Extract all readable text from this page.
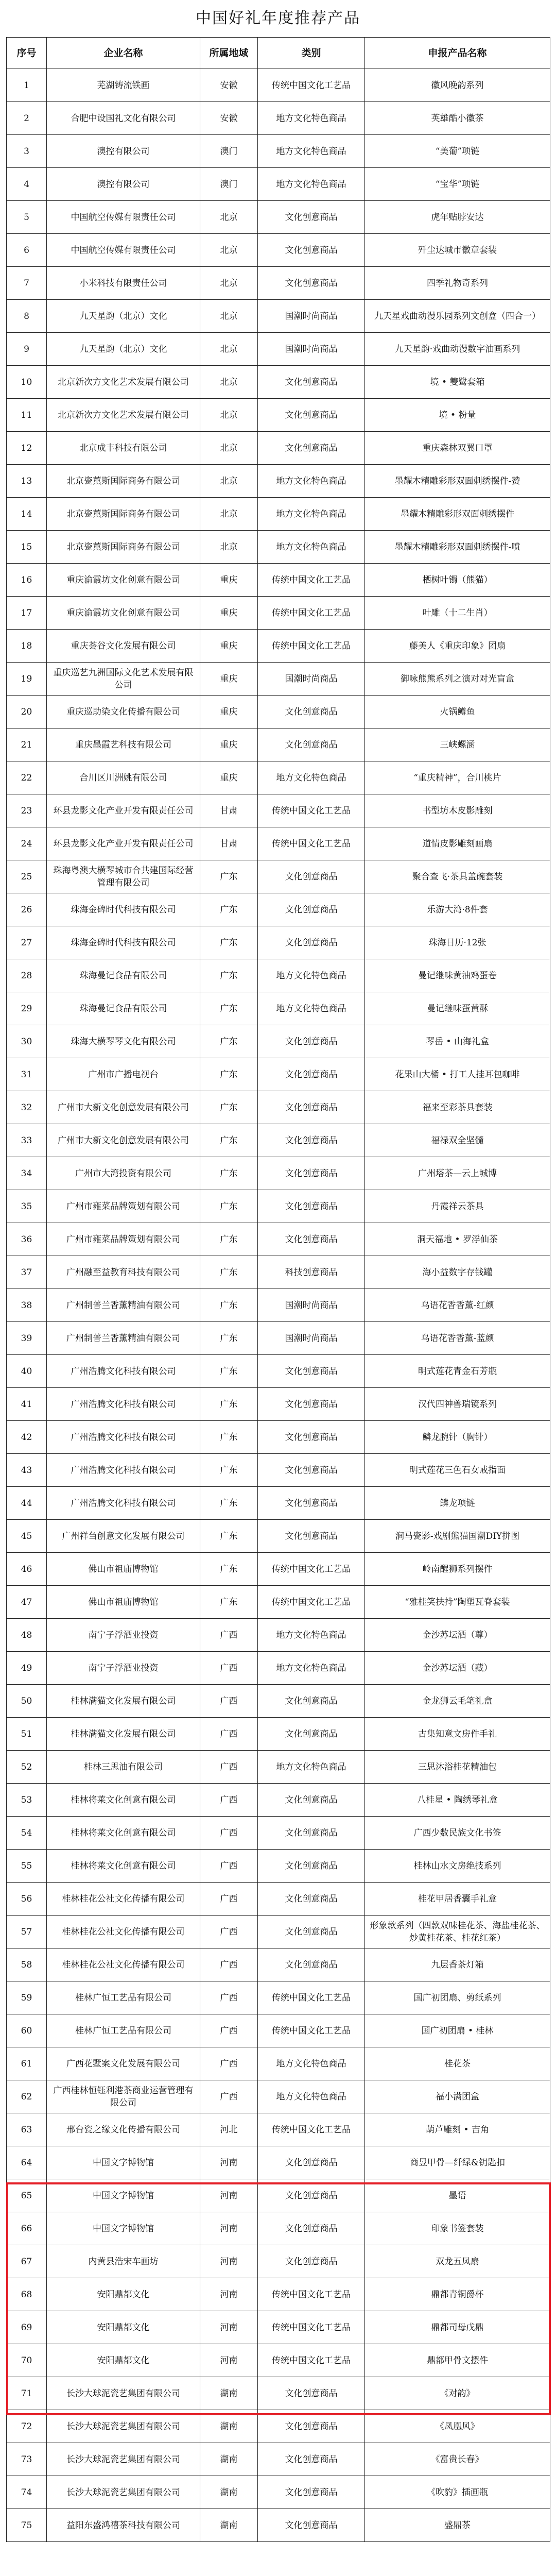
中国好礼年度推荐产品
序号	企业名称	所属地域	类别	申报产品名称
1	芜湖铸流铁画	安徽	传统中国文化工艺品	徽风晚韵系列
2	合肥中设国礼文化有限公司	安徽	地方文化特色商品	英雄酷小徽茶
3	澳控有限公司	澳门	地方文化特色商品	“美葡”项链
4	澳控有限公司	澳门	地方文化特色商品	“宝华”项链
5	中国航空传媒有限责任公司	北京	文化创意商品	虎年贴脖安达
6	中国航空传媒有限责任公司	北京	文化创意商品	歼尘达城市徽章套装
7	小米科技有限责任公司	北京	文化创意商品	四季礼物奇系列
8	九天星韵（北京）文化	北京	国潮时尚商品	九天星戏曲动漫乐园系列文创盒（四合一）
9	九天星韵（北京）文化	北京	国潮时尚商品	九天星韵·戏曲动漫数字油画系列
10	北京新次方文化艺术发展有限公司	北京	文化创意商品	境 • 雙鹭套箱
11	北京新次方文化艺术发展有限公司	北京	文化创意商品	境 • 粉量
12	北京成丰科技有限公司	北京	文化创意商品	重庆森林双翼口罩
13	北京瓷薰斯国际商务有限公司	北京	地方文化特色商品	墨耀木精雕彩形双面刺绣摆件-赞
14	北京瓷薰斯国际商务有限公司	北京	地方文化特色商品	墨耀木精雕彩形双面刺绣摆件
15	北京瓷薰斯国际商务有限公司	北京	地方文化特色商品	墨耀木精雕彩形双面刺绣摆件-喷
16	重庆渝霞坊文化创意有限公司	重庆	传统中国文化工艺品	栖树叶镯（熊猫）
17	重庆渝霞坊文化创意有限公司	重庆	传统中国文化工艺品	叶雕（十二生肖）
18	重庆荟谷文化发展有限公司	重庆	传统中国文化工艺品	藤美人《重庆印象》团扇
19	重庆巡艺九洲国际文化艺术发展有限公司	重庆	国潮时尚商品	御咏熊熊系列之演对对光盲盒
20	重庆巡助染文化传播有限公司	重庆	文化创意商品	火锅鳟鱼
21	重庆墨霞艺科技有限公司	重庆	文化创意商品	三峡螺涵
22	合川区川洲姚有限公司	重庆	地方文化特色商品	“重庆精神”，合川桃片
23	环县龙影文化产业开发有限责任公司	甘肃	传统中国文化工艺品	书型坊木皮影雕刻
24	环县龙影文化产业开发有限责任公司	甘肃	传统中国文化工艺品	道情皮影雕刻画扇
25	珠海粤澳大横琴城市合共建国际经营管理有限公司	广东	文化创意商品	聚合查飞·茶具盖碗套装
26	珠海金碑时代科技有限公司	广东	文化创意商品	乐游大湾·8件套
27	珠海金碑时代科技有限公司	广东	文化创意商品	珠海日历·12张
28	珠海曼记食品有限公司	广东	地方文化特色商品	曼记继味黄油鸡蛋卷
29	珠海曼记食品有限公司	广东	地方文化特色商品	曼记继味蛋黄酥
30	珠海大横琴琴文化有限公司	广东	文化创意商品	琴岳 • 山海礼盒
31	广州市广播电视台	广东	文化创意商品	花果山大桶 • 打工人挂耳包咖啡
32	广州市大新文化创意发展有限公司	广东	文化创意商品	福来至彩茶具套装
33	广州市大新文化创意发展有限公司	广东	文化创意商品	福禄双全坚髓
34	广州市大湾投资有限公司	广东	文化创意商品	广州塔茶—云上城博
35	广州市雍菜品牌策划有限公司	广东	文化创意商品	丹霞祥云茶具
36	广州市雍菜品牌策划有限公司	广东	文化创意商品	洞天福地 • 罗浮仙茶
37	广州融至益教育科技有限公司	广东	科技创意商品	海小益数字存钱罐
38	广州制普兰香薰精油有限公司	广东	国潮时尚商品	乌语花香香薰-红颜
39	广州制普兰香薰精油有限公司	广东	国潮时尚商品	乌语花香香薰-蓝颜
40	广州浩腾文化科技有限公司	广东	文化创意商品	明式莲花青金石芳瓶
41	广州浩腾文化科技有限公司	广东	文化创意商品	汉代四神兽瑞镜系列
42	广州浩腾文化科技有限公司	广东	文化创意商品	鳞龙腕针（胸针）
43	广州浩腾文化科技有限公司	广东	文化创意商品	明式莲花三色石女戒指面
44	广州浩腾文化科技有限公司	广东	文化创意商品	鳞龙项链
45	广州祥刍创意文化发展有限公司	广东	文化创意商品	涧马瓷影-戏剧熊猫国潮DIY拼图
46	佛山市祖庙博物馆	广东	传统中国文化工艺品	岭南醒狮系列摆件
47	佛山市祖庙博物馆	广东	传统中国文化工艺品	“雅桂笑扶持”陶塑瓦脊套装
48	南宁子浮酒业投资	广西	地方文化特色商品	金沙苏坛酒（尊）
49	南宁子浮酒业投资	广西	地方文化特色商品	金沙苏坛酒（藏）
50	桂林满猫文化发展有限公司	广西	文化创意商品	金龙狮云毛笔礼盒
51	桂林满猫文化发展有限公司	广西	文化创意商品	古集知意文房件手礼
52	桂林三思油有限公司	广西	地方文化特色商品	三思沐浴桂花精油包
53	桂林将莱文化创意有限公司	广西	文化创意商品	八桂星 • 陶绣琴礼盒
54	桂林将莱文化创意有限公司	广西	文化创意商品	广西少数民族文化书签
55	桂林将莱文化创意有限公司	广西	文化创意商品	桂林山水文房绝技系列
56	桂林桂花公社文化传播有限公司	广西	文化创意商品	桂花甲居香囊手礼盒
57	桂林桂花公社文化传播有限公司	广西	文化创意商品	形象款系列（四款双味桂花茶、海盐桂花茶、炒黄桂花茶、桂花红茶）
58	桂林桂花公社文化传播有限公司	广西	文化创意商品	九层香茶灯箱
59	桂林广恒工艺品有限公司	广西	传统中国文化工艺品	国广初团扇、剪纸系列
60	桂林广恒工艺品有限公司	广西	传统中国文化工艺品	国广初团扇 • 桂林
61	广西花墅案文化发展有限公司	广西	地方文化特色商品	桂花茶
62	广西桂林恒钰利港茶商业运营管理有限公司	广西	地方文化特色商品	福小满团盒
63	邢台瓷之缘文化传播有限公司	河北	传统中国文化工艺品	葫芦雕刻 • 吉角
64	中国文字博物馆	河南	文化创意商品	商昱甲骨—纤绿&钥匙扣
65	中国文字博物馆	河南	文化创意商品	墨语
66	中国文字博物馆	河南	文化创意商品	印象书签套装
67	内黄县浩宋车画坊	河南	文化创意商品	双龙五凤扇
68	安阳鼎都文化	河南	传统中国文化工艺品	鼎都青铜爵杯
69	安阳鼎都文化	河南	传统中国文化工艺品	鼎都司母戊鼎
70	安阳鼎都文化	河南	传统中国文化工艺品	鼎都甲骨文摆件
71	长沙大球泥瓷艺集团有限公司	湖南	文化创意商品	《对韵》
72	长沙大球泥瓷艺集团有限公司	湖南	文化创意商品	《凤凰风》
73	长沙大球泥瓷艺集团有限公司	湖南	文化创意商品	《富贵长春》
74	长沙大球泥瓷艺集团有限公司	湖南	文化创意商品	《吹豹》插画瓶
75	益阳东盛鸿禧茶科技有限公司	湖南	文化创意商品	盛鼎茶
